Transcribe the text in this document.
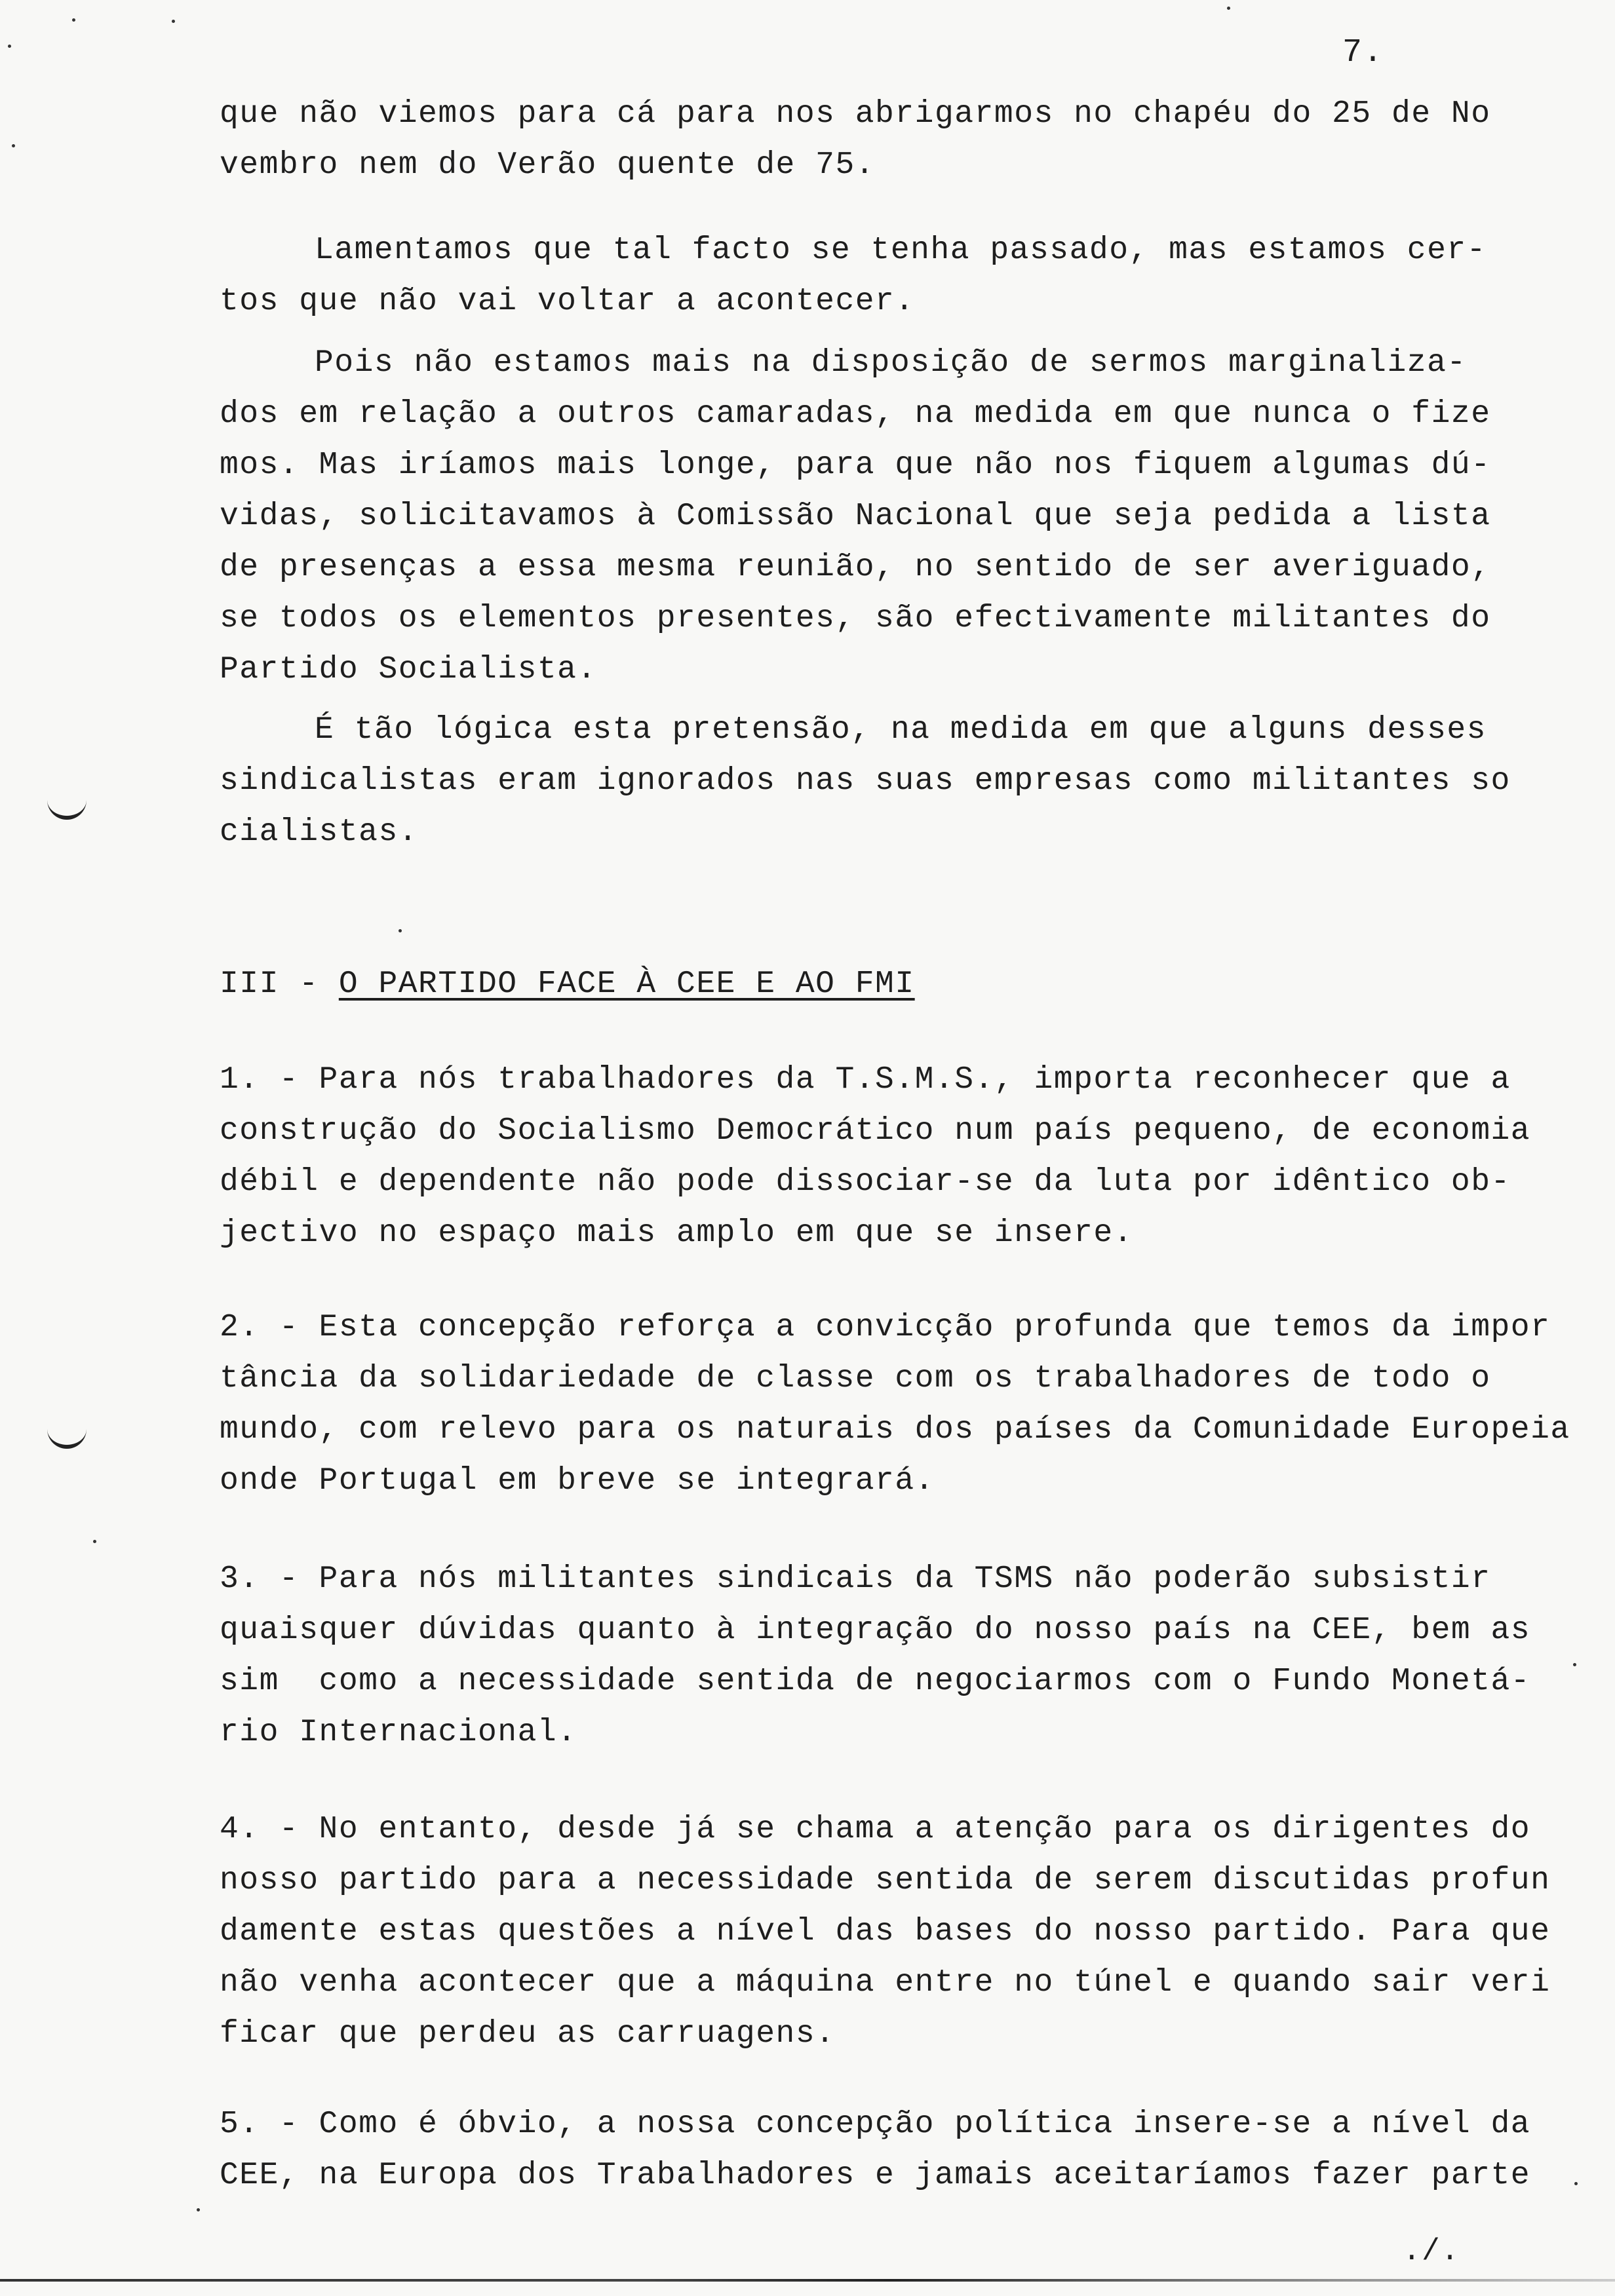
7.
que não viemos para cá para nos abrigarmos no chapéu do 25 de No
vembro nem do Verão quente de 75.
Lamentamos que tal facto se tenha passado, mas estamos cer-
tos que não vai voltar a acontecer.
Pois não estamos mais na disposição de sermos marginaliza-
dos em relação a outros camaradas, na medida em que nunca o fize
mos. Mas iríamos mais longe, para que não nos fiquem algumas dú-
vidas, solicitavamos à Comissão Nacional que seja pedida a lista
de presenças a essa mesma reunião, no sentido de ser averiguado,
se todos os elementos presentes, são efectivamente militantes do
Partido Socialista.
É tão lógica esta pretensão, na medida em que alguns desses
sindicalistas eram ignorados nas suas empresas como militantes so
cialistas.
III - O PARTIDO FACE À CEE E AO FMI
1. - Para nós trabalhadores da T.S.M.S., importa reconhecer que a
construção do Socialismo Democrático num país pequeno, de economia
débil e dependente não pode dissociar-se da luta por idêntico ob-
jectivo no espaço mais amplo em que se insere.
2. - Esta concepção reforça a convicção profunda que temos da impor
tância da solidariedade de classe com os trabalhadores de todo o
mundo, com relevo para os naturais dos países da Comunidade Europeia
onde Portugal em breve se integrará.
3. - Para nós militantes sindicais da TSMS não poderão subsistir
quaisquer dúvidas quanto à integração do nosso país na CEE, bem as
sim  como a necessidade sentida de negociarmos com o Fundo Monetá-
rio Internacional.
4. - No entanto, desde já se chama a atenção para os dirigentes do
nosso partido para a necessidade sentida de serem discutidas profun
damente estas questões a nível das bases do nosso partido. Para que
não venha acontecer que a máquina entre no túnel e quando sair veri
ficar que perdeu as carruagens.
5. - Como é óbvio, a nossa concepção política insere-se a nível da
CEE, na Europa dos Trabalhadores e jamais aceitaríamos fazer parte
./.
